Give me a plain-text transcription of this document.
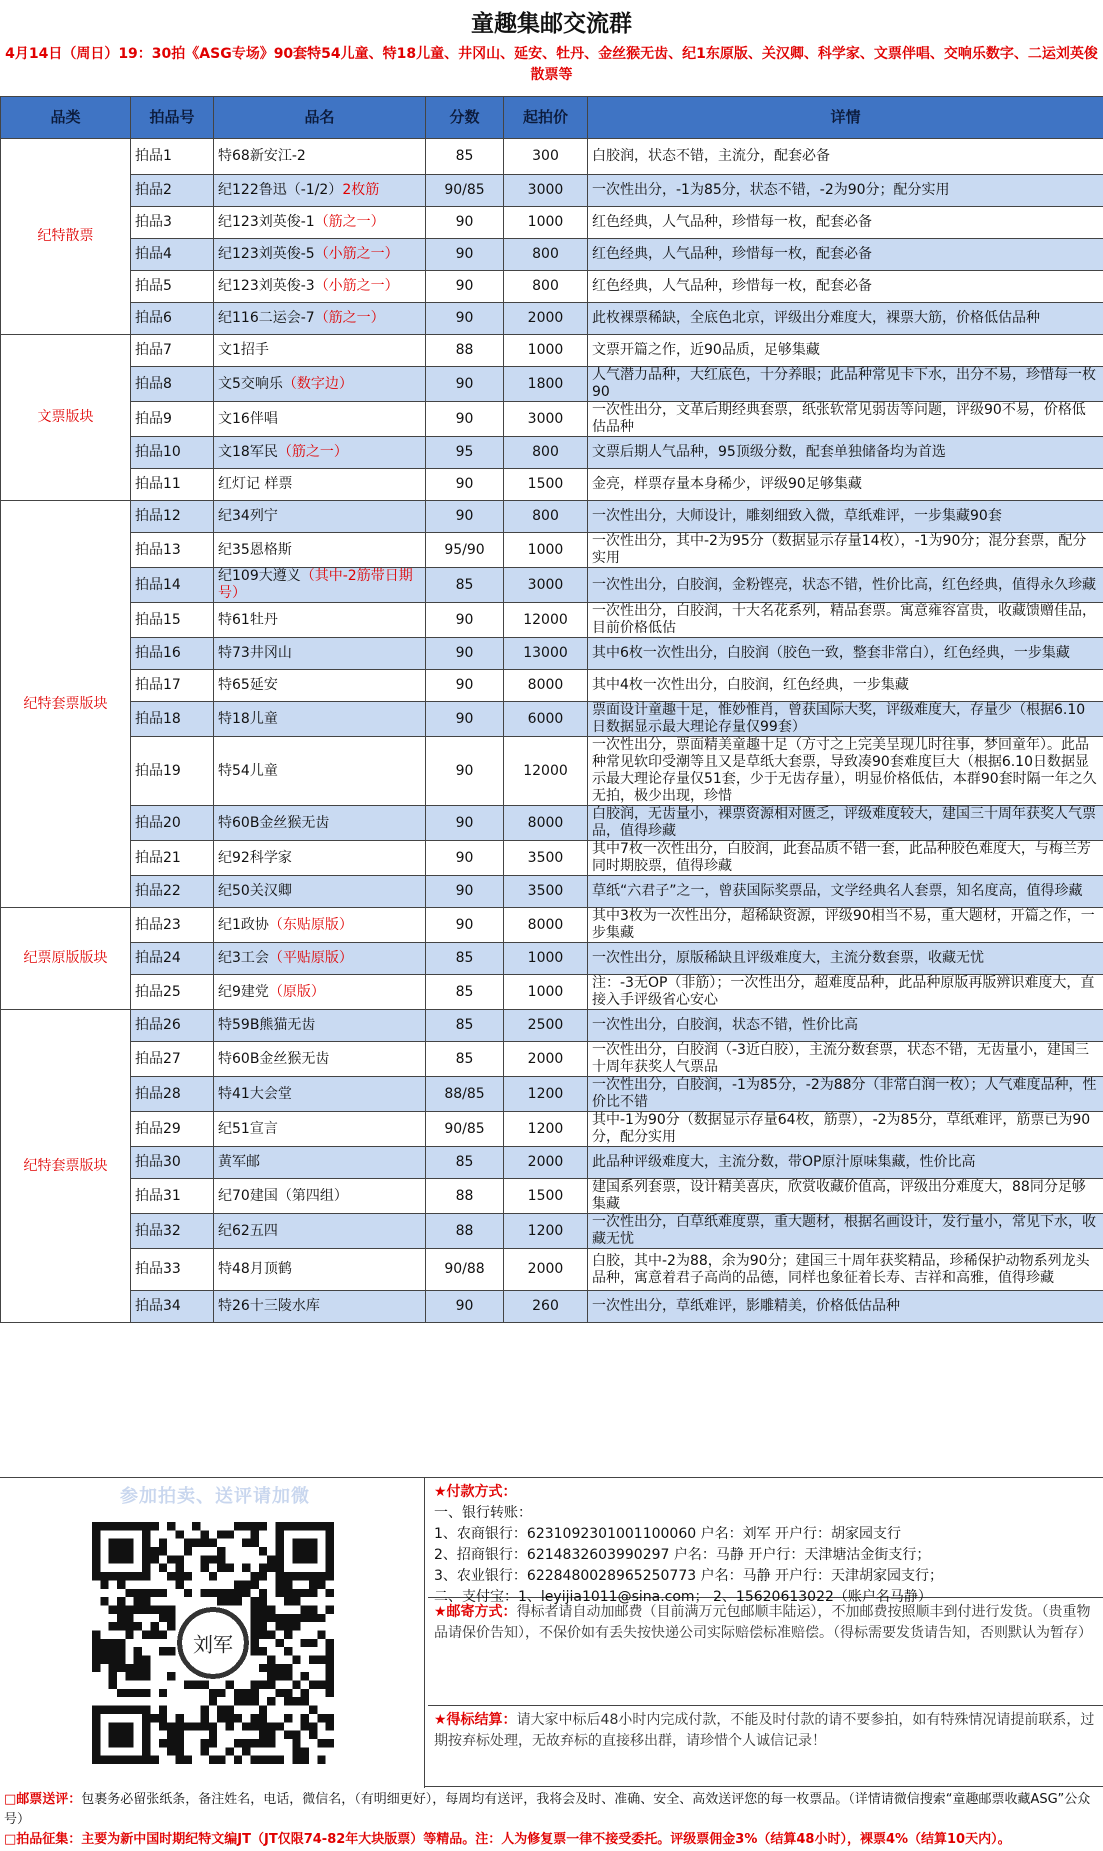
童趣集邮交流群
4月14日（周日）19：30拍《ASG专场》90套特54儿童、特18儿童、井冈山、延安、牡丹、金丝猴无齿、纪1东原版、关汉卿、科学家、文票伴唱、交响乐数字、二运刘英俊散票等
品类	拍品号	品名	分数	起拍价	详情
纪特散票	拍品1	特68新安江-2	85	300	白胶润，状态不错，主流分，配套必备
	拍品2	纪122鲁迅（-1/2）2枚筋	90/85	3000	一次性出分，-1为85分，状态不错，-2为90分；配分实用
	拍品3	纪123刘英俊-1（筋之一）	90	1000	红色经典，人气品种，珍惜每一枚，配套必备
	拍品4	纪123刘英俊-5（小筋之一）	90	800	红色经典，人气品种，珍惜每一枚，配套必备
	拍品5	纪123刘英俊-3（小筋之一）	90	800	红色经典，人气品种，珍惜每一枚，配套必备
	拍品6	纪116二运会-7（筋之一）	90	2000	此枚裸票稀缺，全底色北京，评级出分难度大，裸票大筋，价格低估品种
文票版块	拍品7	文1招手	88	1000	文票开篇之作，近90品质，足够集藏
	拍品8	文5交响乐（数字边）	90	1800	人气潜力品种，大红底色，十分养眼；此品种常见卡下水，出分不易，珍惜每一枚90
	拍品9	文16伴唱	90	3000	一次性出分，文革后期经典套票，纸张软常见弱齿等问题，评级90不易，价格低估品种
	拍品10	文18军民（筋之一）	95	800	文票后期人气品种，95顶级分数，配套单独储备均为首选
	拍品11	红灯记 样票	90	1500	金亮，样票存量本身稀少，评级90足够集藏
纪特套票版块	拍品12	纪34列宁	90	800	一次性出分，大师设计，雕刻细致入微，草纸难评，一步集藏90套
	拍品13	纪35恩格斯	95/90	1000	一次性出分，其中-2为95分（数据显示存量14枚），-1为90分；混分套票，配分实用
	拍品14	纪109大遵义（其中-2筋带日期号）	85	3000	一次性出分，白胶润，金粉铿亮，状态不错，性价比高，红色经典，值得永久珍藏
	拍品15	特61牡丹	90	12000	一次性出分，白胶润，十大名花系列，精品套票。寓意雍容富贵，收藏馈赠佳品，目前价格低估
	拍品16	特73井冈山	90	13000	其中6枚一次性出分，白胶润（胶色一致，整套非常白），红色经典，一步集藏
	拍品17	特65延安	90	8000	其中4枚一次性出分，白胶润，红色经典，一步集藏
	拍品18	特18儿童	90	6000	票面设计童趣十足，惟妙惟肖，曾获国际大奖，评级难度大，存量少（根据6.10日数据显示最大理论存量仅99套）
	拍品19	特54儿童	90	12000	一次性出分，票面精美童趣十足（方寸之上完美呈现儿时往事，梦回童年）。此品种常见软印受潮等且又是草纸大套票，导致凑90套难度巨大（根据6.10日数据显示最大理论存量仅51套，少于无齿存量），明显价格低估，本群90套时隔一年之久无拍，极少出现，珍惜
	拍品20	特60B金丝猴无齿	90	8000	白胶润，无齿量小，裸票资源相对匮乏，评级难度较大，建国三十周年获奖人气票品，值得珍藏
	拍品21	纪92科学家	90	3500	其中7枚一次性出分，白胶润，此套品质不错一套，此品种胶色难度大，与梅兰芳同时期胶票，值得珍藏
	拍品22	纪50关汉卿	90	3500	草纸“六君子”之一，曾获国际奖票品，文学经典名人套票，知名度高，值得珍藏
纪票原版版块	拍品23	纪1政协（东贴原版）	90	8000	其中3枚为一次性出分，超稀缺资源，评级90相当不易，重大题材，开篇之作，一步集藏
	拍品24	纪3工会（平贴原版）	85	1000	一次性出分，原版稀缺且评级难度大，主流分数套票，收藏无忧
	拍品25	纪9建党（原版）	85	1000	注：-3无OP（非筋）；一次性出分，超难度品种，此品种原版再版辨识难度大，直接入手评级省心安心
纪特套票版块	拍品26	特59B熊猫无齿	85	2500	一次性出分，白胶润，状态不错，性价比高
	拍品27	特60B金丝猴无齿	85	2000	一次性出分，白胶润（-3近白胶），主流分数套票，状态不错，无齿量小，建国三十周年获奖人气票品
	拍品28	特41大会堂	88/85	1200	一次性出分，白胶润，-1为85分，-2为88分（非常白润一枚）；人气难度品种，性价比不错
	拍品29	纪51宣言	90/85	1200	其中-1为90分（数据显示存量64枚，筋票），-2为85分，草纸难评，筋票已为90分，配分实用
	拍品30	黄军邮	85	2000	此品种评级难度大，主流分数，带OP原汁原味集藏，性价比高
	拍品31	纪70建国（第四组）	88	1500	建国系列套票，设计精美喜庆，欣赏收藏价值高，评级出分难度大，88同分足够集藏
	拍品32	纪62五四	88	1200	一次性出分，白草纸难度票，重大题材，根据名画设计，发行量小，常见下水，收藏无忧
	拍品33	特48月顶鹤	90/88	2000	白胶，其中-2为88，余为90分；建国三十周年获奖精品，珍稀保护动物系列龙头品种，寓意着君子高尚的品德，同样也象征着长寿、吉祥和高雅，值得珍藏
	拍品34	特26十三陵水库	90	260	一次性出分，草纸难评，影雕精美，价格低估品种
参加拍卖、送评请加微
刘军
★付款方式：
一、银行转账：
1、农商银行：6231092301001100060 户名：刘军 开户行：胡家园支行
2、招商银行：6214832603990297 户名：马静 开户行：天津塘沽金街支行；
3、农业银行：6228480028965250773 户名：马静 开户行：天津胡家园支行；
二、支付宝：1、leyijia1011@sina.com； 2、15620613022（账户名马静）
★邮寄方式：得标者请自动加邮费（目前满万元包邮顺丰陆运），不加邮费按照顺丰到付进行发货。（贵重物品请保价告知），不保价如有丢失按快递公司实际赔偿标准赔偿。（得标需要发货请告知，否则默认为暂存）
★得标结算：请大家中标后48小时内完成付款，不能及时付款的请不要参拍，如有特殊情况请提前联系，过期按弃标处理，无故弃标的直接移出群，请珍惜个人诚信记录！
□邮票送评：包裹务必留张纸条，备注姓名，电话，微信名，（有明细更好），每周均有送评，我将会及时、准确、安全、高效送评您的每一枚票品。（详情请微信搜索“童趣邮票收藏ASG”公众号）
□拍品征集：主要为新中国时期纪特文编JT（JT仅限74-82年大块版票）等精品。注：人为修复票一律不接受委托。评级票佣金3%（结算48小时），裸票4%（结算10天内）。
